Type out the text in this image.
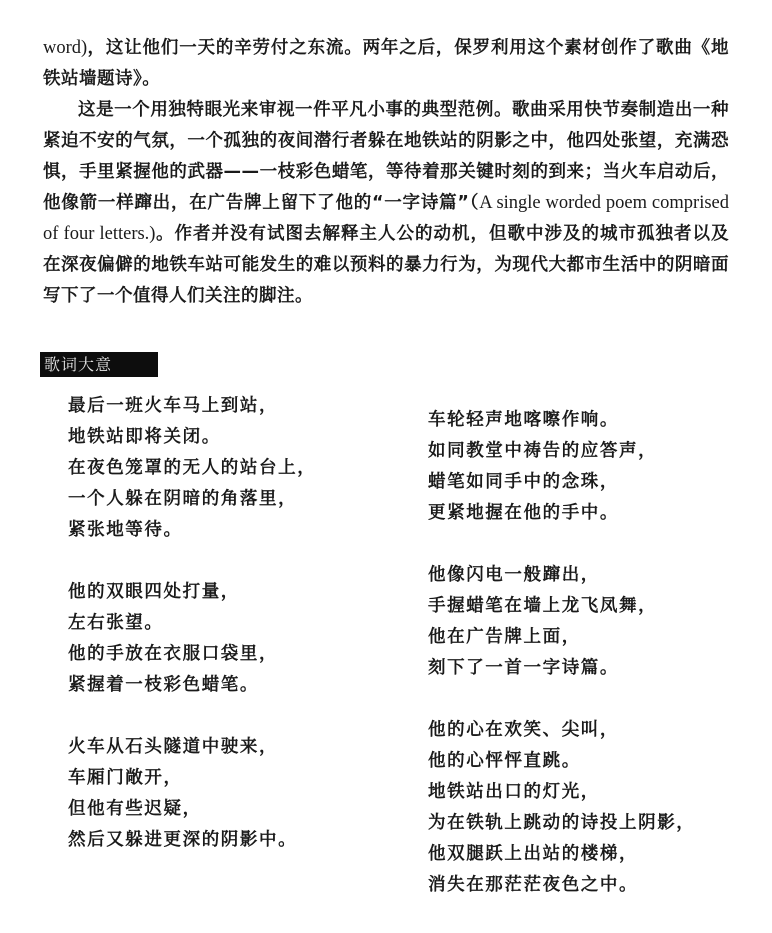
word)，这让他们一天的辛劳付之东流。两年之后，保罗利用这个素材创作了歌曲《地铁站墙题诗》。

这是一个用独特眼光来审视一件平凡小事的典型范例。歌曲采用快节奏制造出一种紧迫不安的气氛，一个孤独的夜间潜行者躲在地铁站的阴影之中，他四处张望，充满恐惧，手里紧握他的武器——一枝彩色蜡笔，等待着那关键时刻的到来；当火车启动后，他像箭一样蹿出，在广告牌上留下了他的“一字诗篇”（A single worded poem comprised of four letters.)。作者并没有试图去解释主人公的动机，但歌中涉及的城市孤独者以及在深夜偏僻的地铁车站可能发生的难以预料的暴力行为，为现代大都市生活中的阴暗面写下了一个值得人们关注的脚注。

歌词大意
最后一班火车马上到站，
地铁站即将关闭。
在夜色笼罩的无人的站台上，
一个人躲在阴暗的角落里，
紧张地等待。
他的双眼四处打量，
左右张望。
他的手放在衣服口袋里，
紧握着一枝彩色蜡笔。
火车从石头隧道中驶来，
车厢门敞开，
但他有些迟疑，
然后又躲进更深的阴影中。
车轮轻声地喀嚓作响。
如同教堂中祷告的应答声，
蜡笔如同手中的念珠，
更紧地握在他的手中。
他像闪电一般蹿出，
手握蜡笔在墙上龙飞凤舞，
他在广告牌上面，
刻下了一首一字诗篇。
他的心在欢笑、尖叫，
他的心怦怦直跳。
地铁站出口的灯光，
为在铁轨上跳动的诗投上阴影，
他双腿跃上出站的楼梯，
消失在那茫茫夜色之中。
